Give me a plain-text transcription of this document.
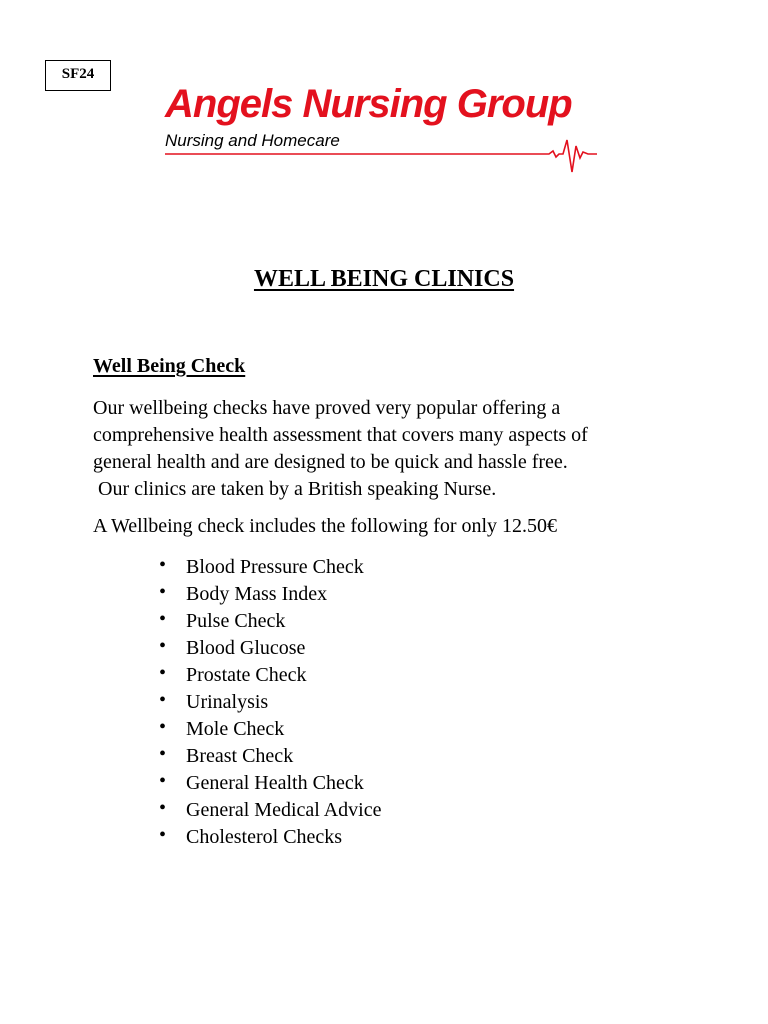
SF24
Angels Nursing Group
Nursing and Homecare
WELL BEING CLINICS
Well Being Check
Our wellbeing checks have proved very popular offering a
comprehensive health assessment that covers many aspects of
general health and are designed to be quick and hassle free.
Our clinics are taken by a British speaking Nurse.
A Wellbeing check includes the following for only 12.50€
• Blood Pressure Check
• Body Mass Index
• Pulse Check
• Blood Glucose
• Prostate Check
• Urinalysis
• Mole Check
• Breast Check
• General Health Check
• General Medical Advice
• Cholesterol Checks
